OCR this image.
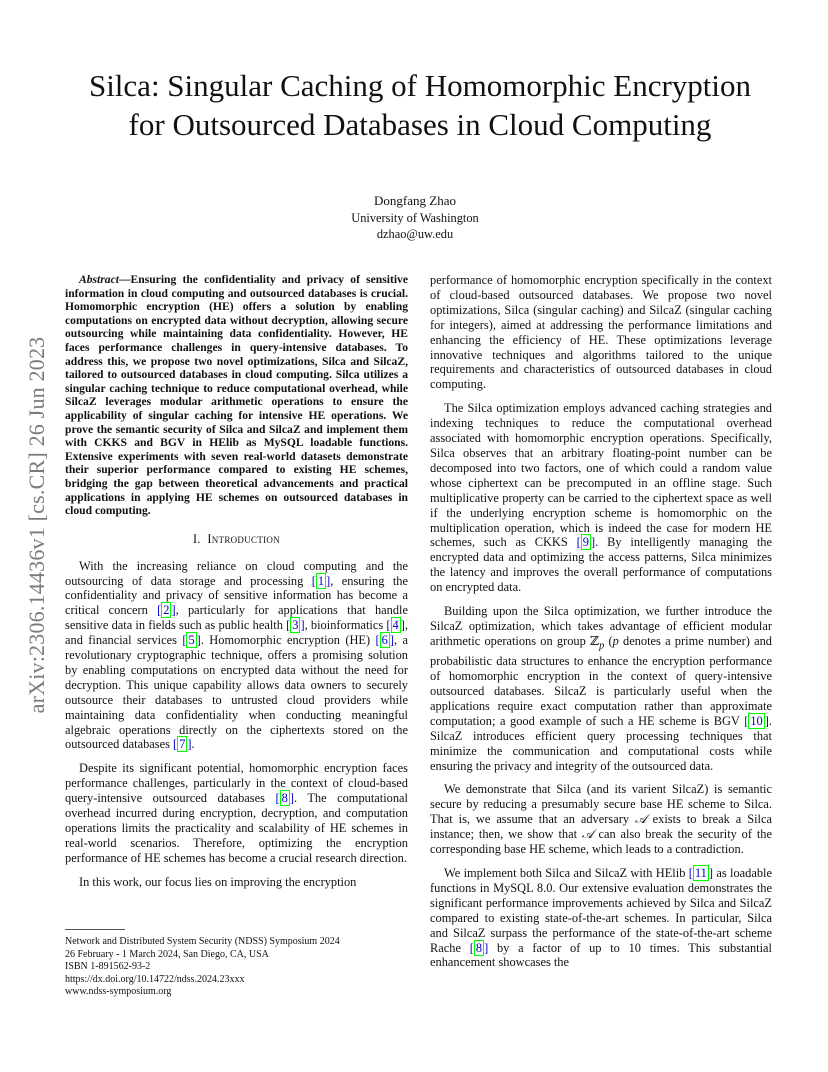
arXiv:2306.14436v1 [cs.CR] 26 Jun 2023
Silca: Singular Caching of Homomorphic Encryption
for Outsourced Databases in Cloud Computing
Dongfang Zhao
University of Washington
dzhao@uw.edu

Abstract—Ensuring the confidentiality and privacy of sensitive information in cloud computing and outsourced databases is crucial. Homomorphic encryption (HE) offers a solution by enabling computations on encrypted data without decryption, allowing secure outsourcing while maintaining data confidentiality. However, HE faces performance challenges in query-intensive databases. To address this, we propose two novel optimizations, Silca and SilcaZ, tailored to outsourced databases in cloud computing. Silca utilizes a singular caching technique to reduce computational overhead, while SilcaZ leverages modular arithmetic operations to ensure the applicability of singular caching for intensive HE operations. We prove the semantic security of Silca and SilcaZ and implement them with CKKS and BGV in HElib as MySQL loadable functions. Extensive experiments with seven real-world datasets demonstrate their superior performance compared to existing HE schemes, bridging the gap between theoretical advancements and practical applications in applying HE schemes on outsourced databases in cloud computing.

I. Introduction

With the increasing reliance on cloud computing and the outsourcing of data storage and processing [ 1 ], ensuring the confidentiality and privacy of sensitive information has become a critical concern [ 2 ], particularly for applications that handle sensitive data in fields such as public health [ 3 ], bioinformatics [ 4 ], and financial services [ 5 ]. Homomorphic encryption (HE) [ 6 ], a revolutionary cryptographic technique, offers a promising solution by enabling computations on encrypted data without the need for decryption. This unique capability allows data owners to securely outsource their databases to untrusted cloud providers while maintaining data confidentiality when conducting meaningful algebraic operations directly on the ciphertexts stored on the outsourced databases [ 7 ].

Despite its significant potential, homomorphic encryption faces performance challenges, particularly in the context of cloud-based query-intensive outsourced databases [ 8 ]. The computational overhead incurred during encryption, decryption, and computation operations limits the practicality and scalability of HE schemes in real-world scenarios. Therefore, optimizing the encryption performance of HE schemes has become a crucial research direction.

In this work, our focus lies on improving the encryption

performance of homomorphic encryption specifically in the context of cloud-based outsourced databases. We propose two novel optimizations, Silca (singular caching) and SilcaZ (singular caching for integers), aimed at addressing the performance limitations and enhancing the efficiency of HE. These optimizations leverage innovative techniques and algorithms tailored to the unique requirements and characteristics of outsourced databases in cloud computing.

The Silca optimization employs advanced caching strategies and indexing techniques to reduce the computational overhead associated with homomorphic encryption operations. Specifically, Silca observes that an arbitrary floating-point number can be decomposed into two factors, one of which could a random value whose ciphertext can be precomputed in an offline stage. Such multiplicative property can be carried to the ciphertext space as well if the underlying encryption scheme is homomorphic on the multiplication operation, which is indeed the case for modern HE schemes, such as CKKS [ 9 ]. By intelligently managing the encrypted data and optimizing the access patterns, Silca minimizes the latency and improves the overall performance of computations on encrypted data.

Building upon the Silca optimization, we further introduce the SilcaZ optimization, which takes advantage of efficient modular arithmetic operations on group ℤ$_p$ (p denotes a prime number) and probabilistic data structures to enhance the encryption performance of homomorphic encryption in the context of query-intensive outsourced databases. SilcaZ is particularly useful when the applications require exact computation rather than approximate computation; a good example of such a HE scheme is BGV [ 10 ]. SilcaZ introduces efficient query processing techniques that minimize the communication and computational costs while ensuring the privacy and integrity of the outsourced data.

We demonstrate that Silca (and its varient SilcaZ) is semantic secure by reducing a presumably secure base HE scheme to Silca. That is, we assume that an adversary 𝒜 exists to break a Silca instance; then, we show that 𝒜 can also break the security of the corresponding base HE scheme, which leads to a contradiction.

We implement both Silca and SilcaZ with HElib [ 11 ] as loadable functions in MySQL 8.0. Our extensive evaluation demonstrates the significant performance improvements achieved by Silca and SilcaZ compared to existing state-of-the-art schemes. In particular, Silca and SilcaZ surpass the performance of the state-of-the-art scheme Rache [ 8 ] by a factor of up to 10 times. This substantial enhancement showcases the

Network and Distributed System Security (NDSS) Symposium 2024
26 February - 1 March 2024, San Diego, CA, USA
ISBN 1-891562-93-2
https://dx.doi.org/10.14722/ndss.2024.23xxx
www.ndss-symposium.org
